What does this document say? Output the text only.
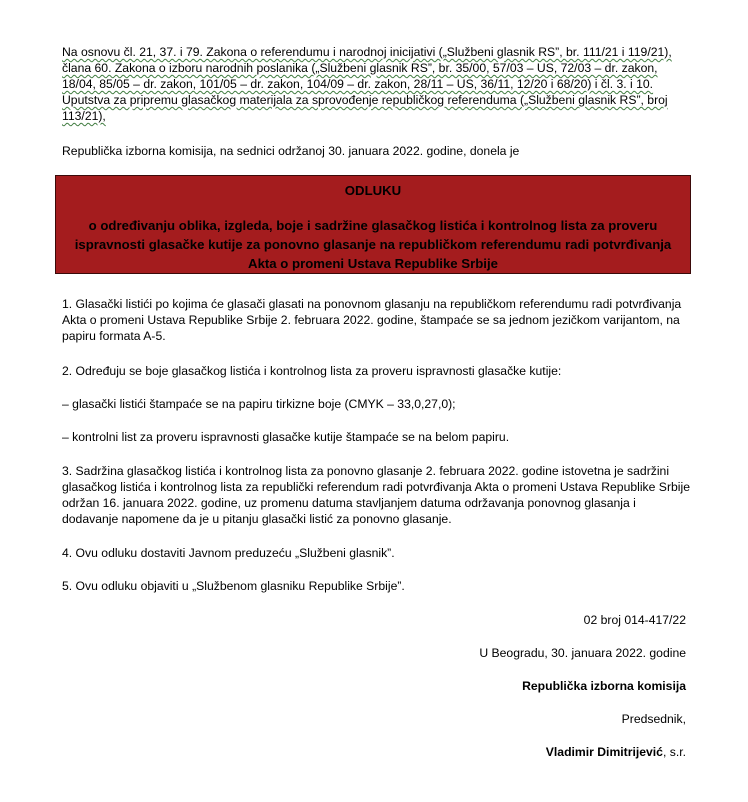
Na osnovu čl. 21, 37. i 79. Zakona o referendumu i narodnoj inicijativi („Službeni glasnik RS”, br. 111/21 i 119/21), člana 60. Zakona o izboru narodnih poslanika („Službeni glasnik RS”, br. 35/00, 57/03 – US, 72/03 – dr. zakon, 18/04, 85/05 – dr. zakon, 101/05 – dr. zakon, 104/09 – dr. zakon, 28/11 – US, 36/11, 12/20 i 68/20) i čl. 3. i 10. Uputstva za pripremu glasačkog materijala za sprovođenje republičkog referenduma („Službeni glasnik RS”, broj 113/21),

Republička izborna komisija, na sednici održanoj 30. januara 2022. godine, donela je

ODLUKU
o određivanju oblika, izgleda, boje i sadržine glasačkog listića i kontrolnog lista za proveru ispravnosti glasačke kutije za ponovno glasanje na republičkom referendumu radi potvrđivanja Akta o promeni Ustava Republike Srbije

1. Glasački listići po kojima će glasači glasati na ponovnom glasanju na republičkom referendumu radi potvrđivanja Akta o promeni Ustava Republike Srbije 2. februara 2022. godine, štampaće se sa jednom jezičkom varijantom, na papiru formata A-5.

2. Određuju se boje glasačkog listića i kontrolnog lista za proveru ispravnosti glasačke kutije:

– glasački listići štampaće se na papiru tirkizne boje (CMYK – 33,0,27,0);

– kontrolni list za proveru ispravnosti glasačke kutije štampaće se na belom papiru.

3. Sadržina glasačkog listića i kontrolnog lista za ponovno glasanje 2. februara 2022. godine istovetna je sadržini glasačkog listića i kontrolnog lista za republički referendum radi potvrđivanja Akta o promeni Ustava Republike Srbije održan 16. januara 2022. godine, uz promenu datuma stavljanjem datuma održavanja ponovnog glasanja i dodavanje napomene da je u pitanju glasački listić za ponovno glasanje.

4. Ovu odluku dostaviti Javnom preduzeću „Službeni glasnik”.

5. Ovu odluku objaviti u „Službenom glasniku Republike Srbije”.

02 broj 014-417/22
U Beogradu, 30. januara 2022. godine
Republička izborna komisija
Predsednik,
Vladimir Dimitrijević, s.r.
